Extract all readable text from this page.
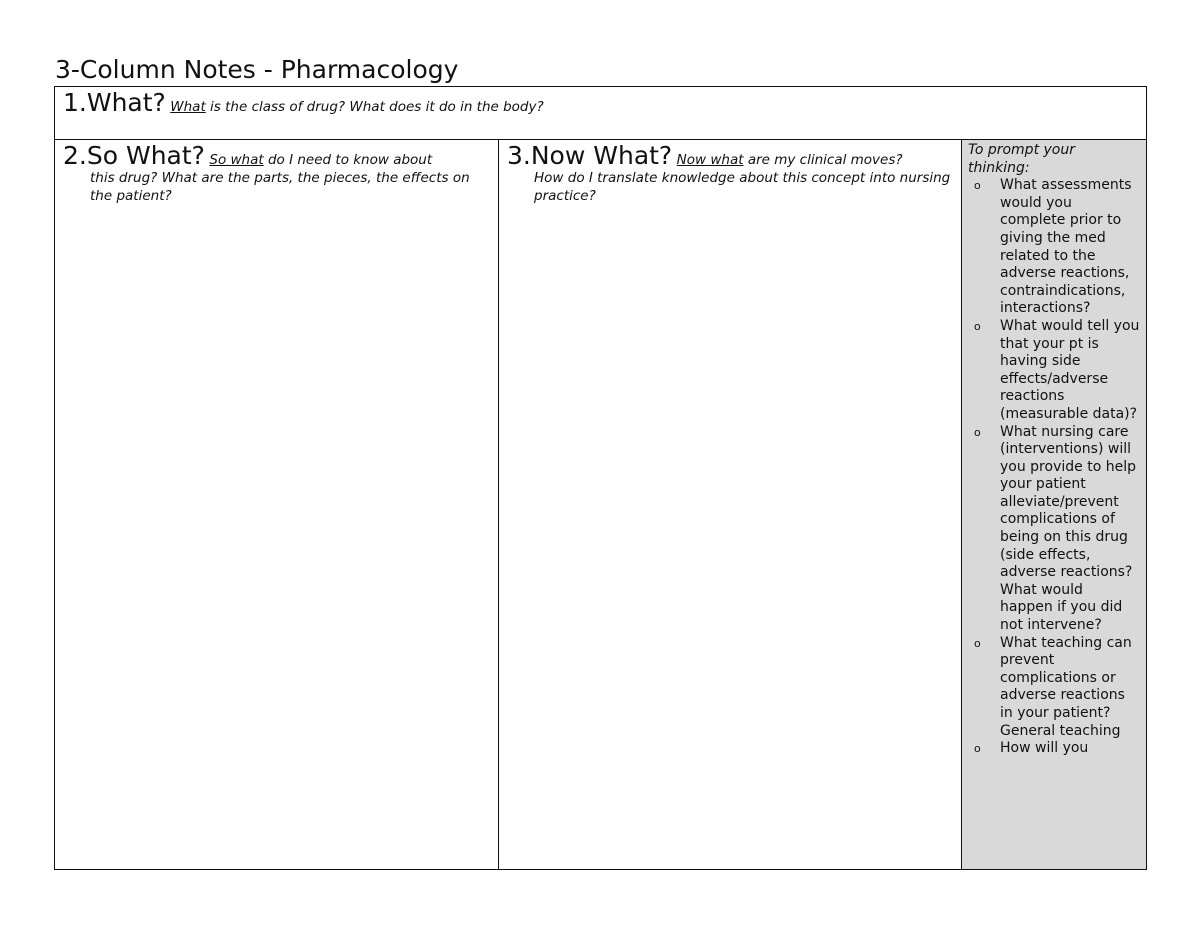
3-Column Notes - Pharmacology
1.What? What is the class of drug? What does it do in the body?
2.So What? So what do I need to know about
this drug? What are the parts, the pieces, the effects on the patient?
3.Now What? Now what are my clinical moves?
How do I translate knowledge about this concept into nursing practice?
To prompt your thinking:
o What assessments would you complete prior to giving the med related to the adverse reactions, contraindications, interactions?
o What would tell you that your pt is having side effects/adverse reactions (measurable data)?
o What nursing care (interventions) will you provide to help your patient alleviate/prevent complications of being on this drug (side effects, adverse reactions? What would happen if you did not intervene?
o What teaching can prevent complications or adverse reactions in your patient? General teaching
o How will you
